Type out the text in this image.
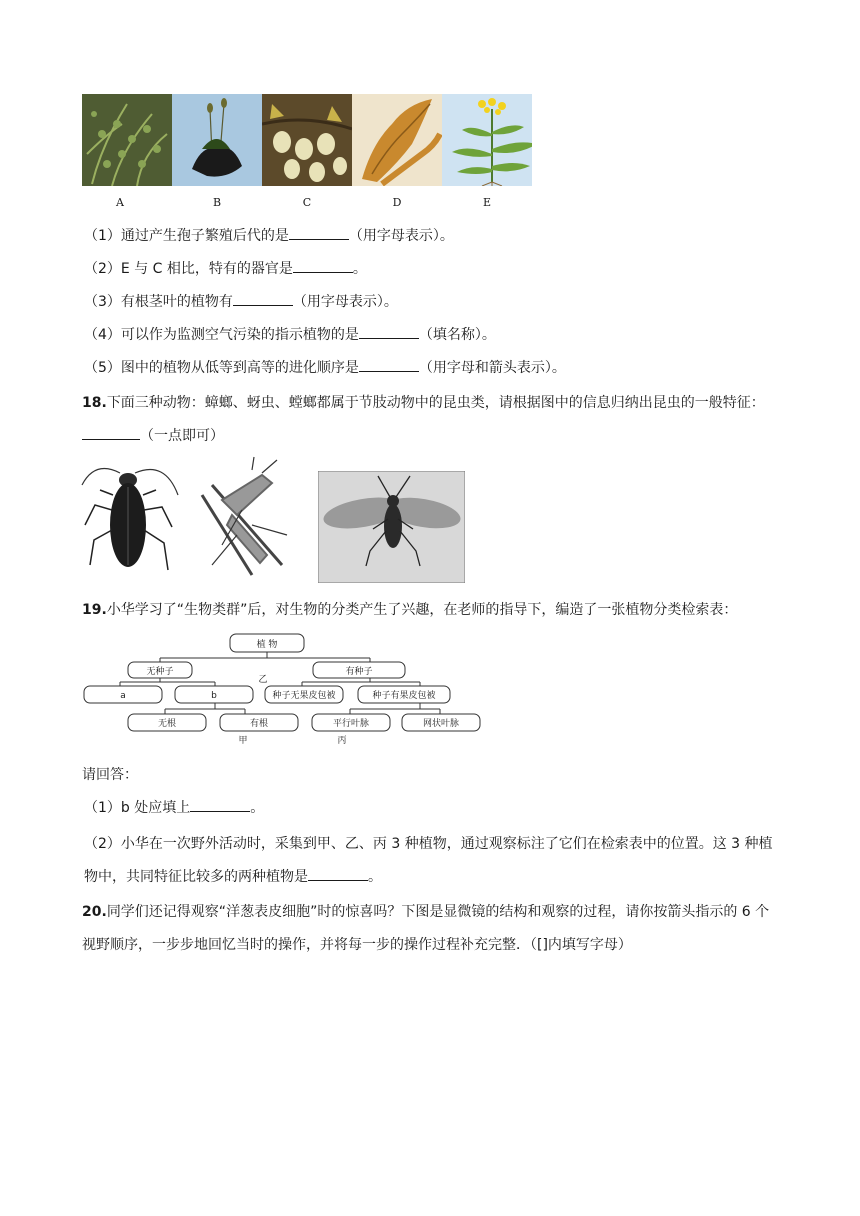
A	B	C	D	E
（1）通过产生孢子繁殖后代的是	（用字母表示）。
（2）E 与 C 相比，特有的器官是	。
（3）有根茎叶的植物有	（用字母表示）。
（4）可以作为监测空气污染的指示植物的是	（填名称）。
（5）图中的植物从低等到高等的进化顺序是	（用字母和箭头表示）。
18.下面三种动物：蟑螂、蚜虫、螳螂都属于节肢动物中的昆虫类，请根据图中的信息归纳出昆虫的一般特征：（一点即可）
19.小华学习了“生物类群”后，对生物的分类产生了兴趣，在老师的指导下，编造了一张植物分类检索表：
植 物
无种子	有种子
a	b
乙
种子无果皮包被	种子有果皮包被
无根	有根
甲
平行叶脉
丙
网状叶脉
请回答：
（1）b 处应填上	。
（2）小华在一次野外活动时，采集到甲、乙、丙 3 种植物，通过观察标注了它们在检索表中的位置。这 3 种植物中，共同特征比较多的两种植物是	。
20.同学们还记得观察“洋葱表皮细胞”时的惊喜吗？下图是显微镜的结构和观察的过程，请你按箭头指示的 6 个视野顺序，一步步地回忆当时的操作，并将每一步的操作过程补充完整．（[]内填写字母）
